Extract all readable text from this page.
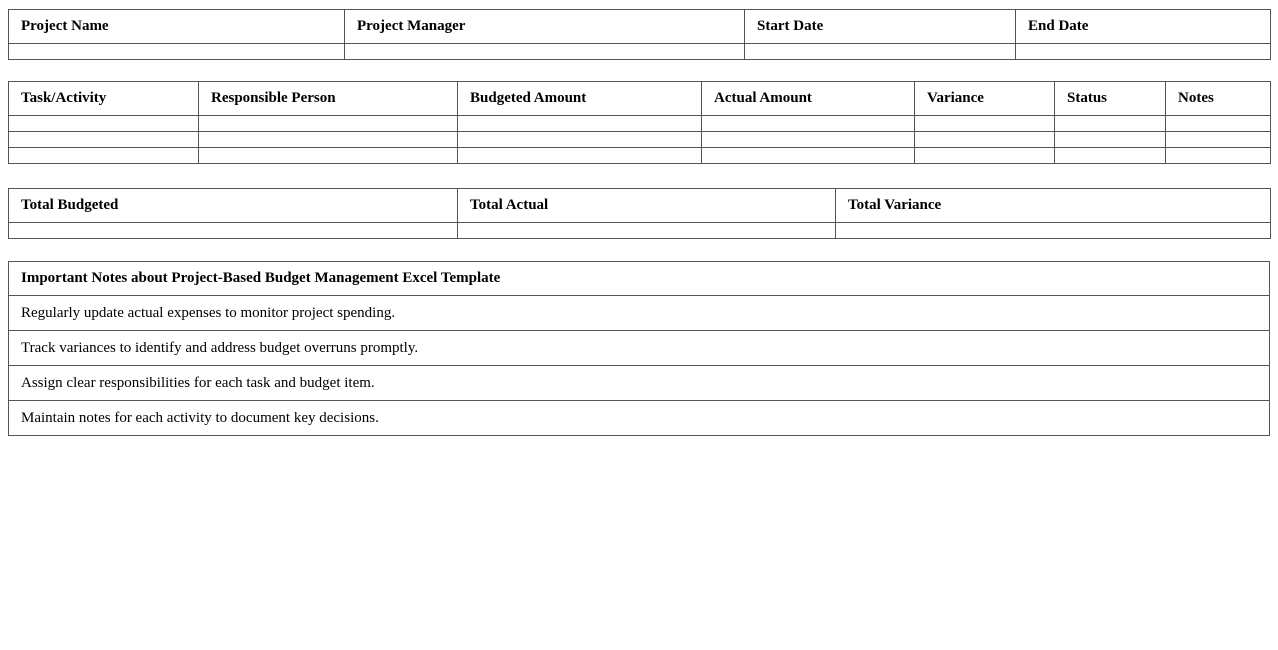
Project Name	Project Manager	Start Date	End Date

Task/Activity	Responsible Person	Budgeted Amount	Actual Amount	Variance	Status	Notes

Total Budgeted	Total Actual	Total Variance

Important Notes about Project-Based Budget Management Excel Template
Regularly update actual expenses to monitor project spending.
Track variances to identify and address budget overruns promptly.
Assign clear responsibilities for each task and budget item.
Maintain notes for each activity to document key decisions.
